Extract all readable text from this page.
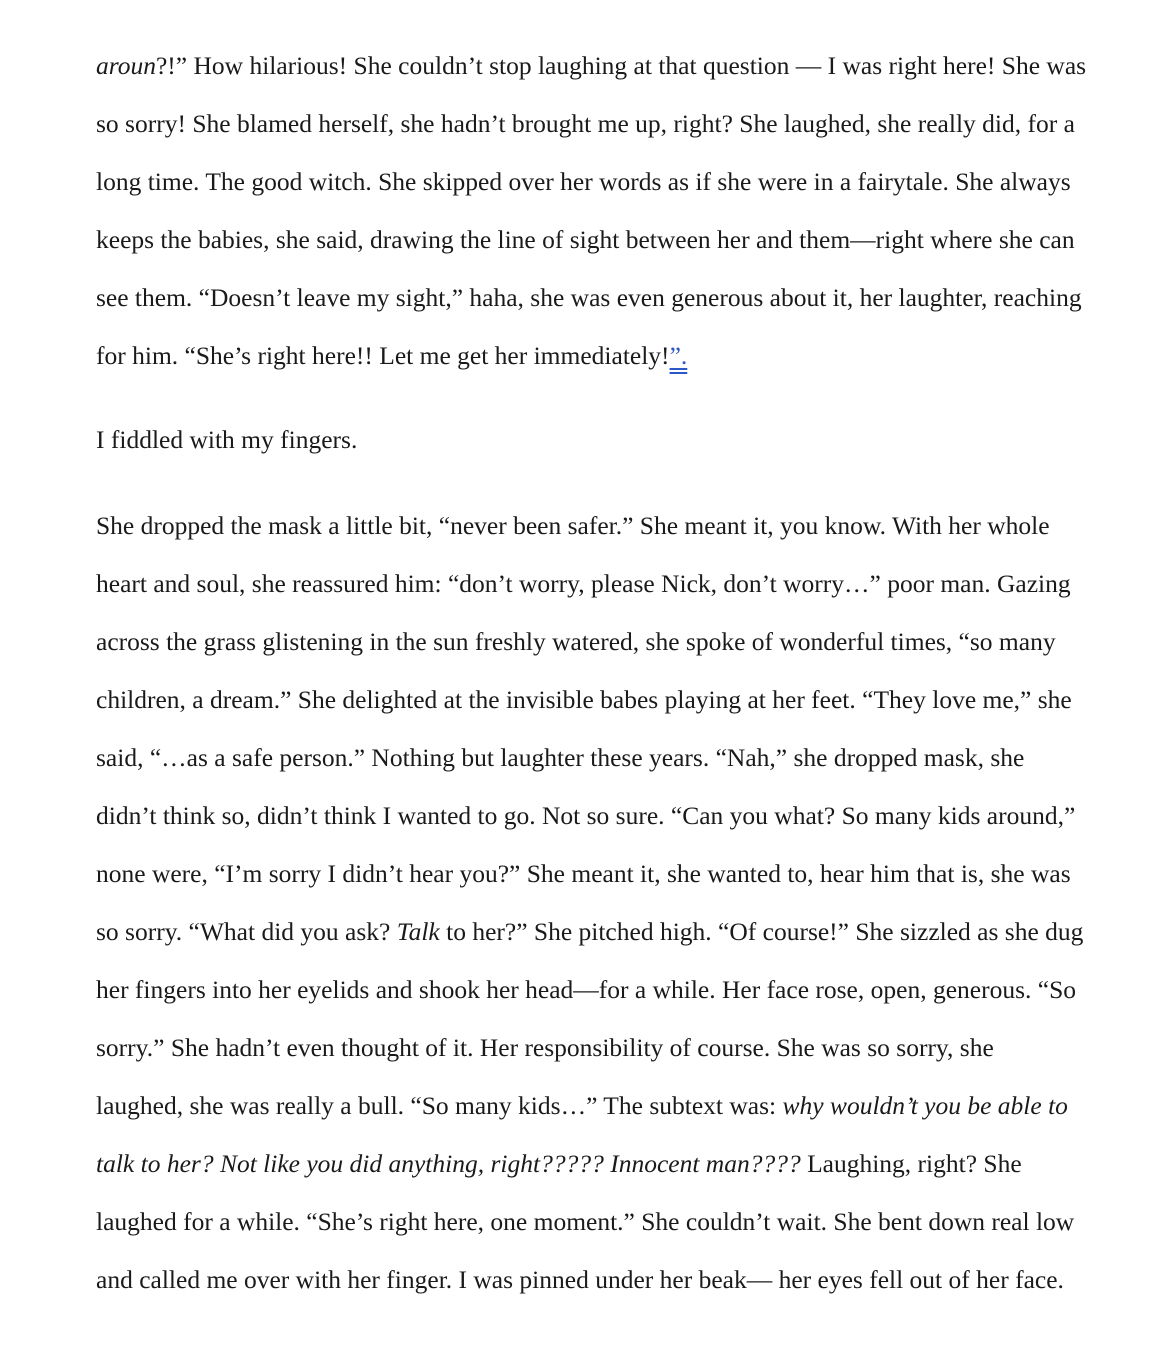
aroun?!” How hilarious! She couldn’t stop laughing at that question — I was right here! She was
so sorry! She blamed herself, she hadn’t brought me up, right? She laughed, she really did, for a
long time. The good witch. She skipped over her words as if she were in a fairytale. She always
keeps the babies, she said, drawing the line of sight between her and them—right where she can
see them. “Doesn’t leave my sight,” haha, she was even generous about it, her laughter, reaching
for him. “She’s right here!! Let me get her immediately!”.
I fiddled with my fingers.
She dropped the mask a little bit, “never been safer.” She meant it, you know. With her whole
heart and soul, she reassured him: “don’t worry, please Nick, don’t worry…” poor man. Gazing
across the grass glistening in the sun freshly watered, she spoke of wonderful times, “so many
children, a dream.” She delighted at the invisible babes playing at her feet. “They love me,” she
said, “…as a safe person.” Nothing but laughter these years. “Nah,” she dropped mask, she
didn’t think so, didn’t think I wanted to go. Not so sure. “Can you what? So many kids around,”
none were, “I’m sorry I didn’t hear you?” She meant it, she wanted to, hear him that is, she was
so sorry. “What did you ask? Talk to her?” She pitched high. “Of course!” She sizzled as she dug
her fingers into her eyelids and shook her head—for a while. Her face rose, open, generous. “So
sorry.” She hadn’t even thought of it. Her responsibility of course. She was so sorry, she
laughed, she was really a bull. “So many kids…” The subtext was: why wouldn’t you be able to
talk to her? Not like you did anything, right????? Innocent man???? Laughing, right? She
laughed for a while. “She’s right here, one moment.” She couldn’t wait. She bent down real low
and called me over with her finger. I was pinned under her beak— her eyes fell out of her face.
